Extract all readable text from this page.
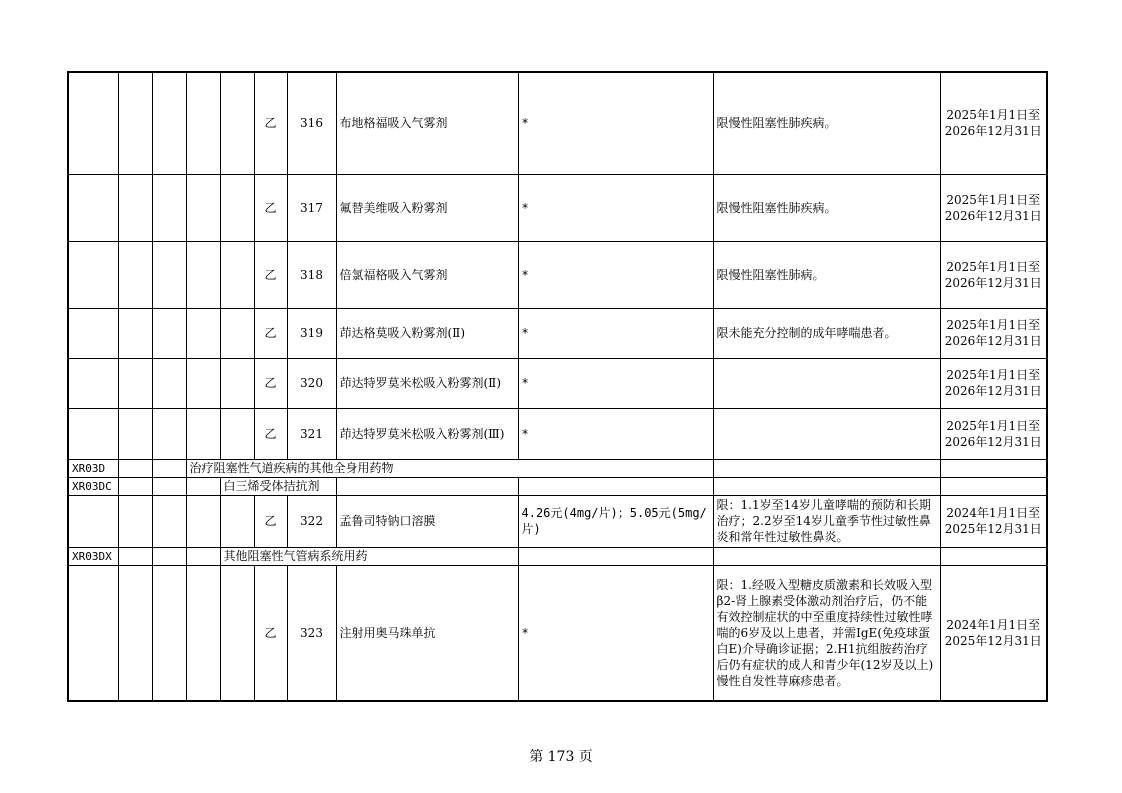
					乙	316	布地格福吸入气雾剂	*	限慢性阻塞性肺疾病。	2025年1月1日至2026年12月31日
					乙	317	氟替美维吸入粉雾剂	*	限慢性阻塞性肺疾病。	2025年1月1日至2026年12月31日
					乙	318	倍氯福格吸入气雾剂	*	限慢性阻塞性肺病。	2025年1月1日至2026年12月31日
					乙	319	茚达格莫吸入粉雾剂(Ⅱ)	*	限未能充分控制的成年哮喘患者。	2025年1月1日至2026年12月31日
					乙	320	茚达特罗莫米松吸入粉雾剂(Ⅱ)	*		2025年1月1日至2026年12月31日
					乙	321	茚达特罗莫米松吸入粉雾剂(Ⅲ)	*		2025年1月1日至2026年12月31日
XR03D			治疗阻塞性气道疾病的其他全身用药物							
XR03DC				白三烯受体拮抗剂						
					乙	322	孟鲁司特钠口溶膜	4.26元(4mg/片)；5.05元(5mg/片)	限：1.1岁至14岁儿童哮喘的预防和长期治疗；2.2岁至14岁儿童季节性过敏性鼻炎和常年性过敏性鼻炎。	2024年1月1日至2025年12月31日
XR03DX				其他阻塞性气管病系统用药						
					乙	323	注射用奥马珠单抗	*	限：1.经吸入型糖皮质激素和长效吸入型β2-肾上腺素受体激动剂治疗后，仍不能有效控制症状的中至重度持续性过敏性哮喘的6岁及以上患者，并需IgE(免疫球蛋白E)介导确诊证据；2.H1抗组胺药治疗后仍有症状的成人和青少年(12岁及以上)慢性自发性荨麻疹患者。	2024年1月1日至2025年12月31日
第 173 页
